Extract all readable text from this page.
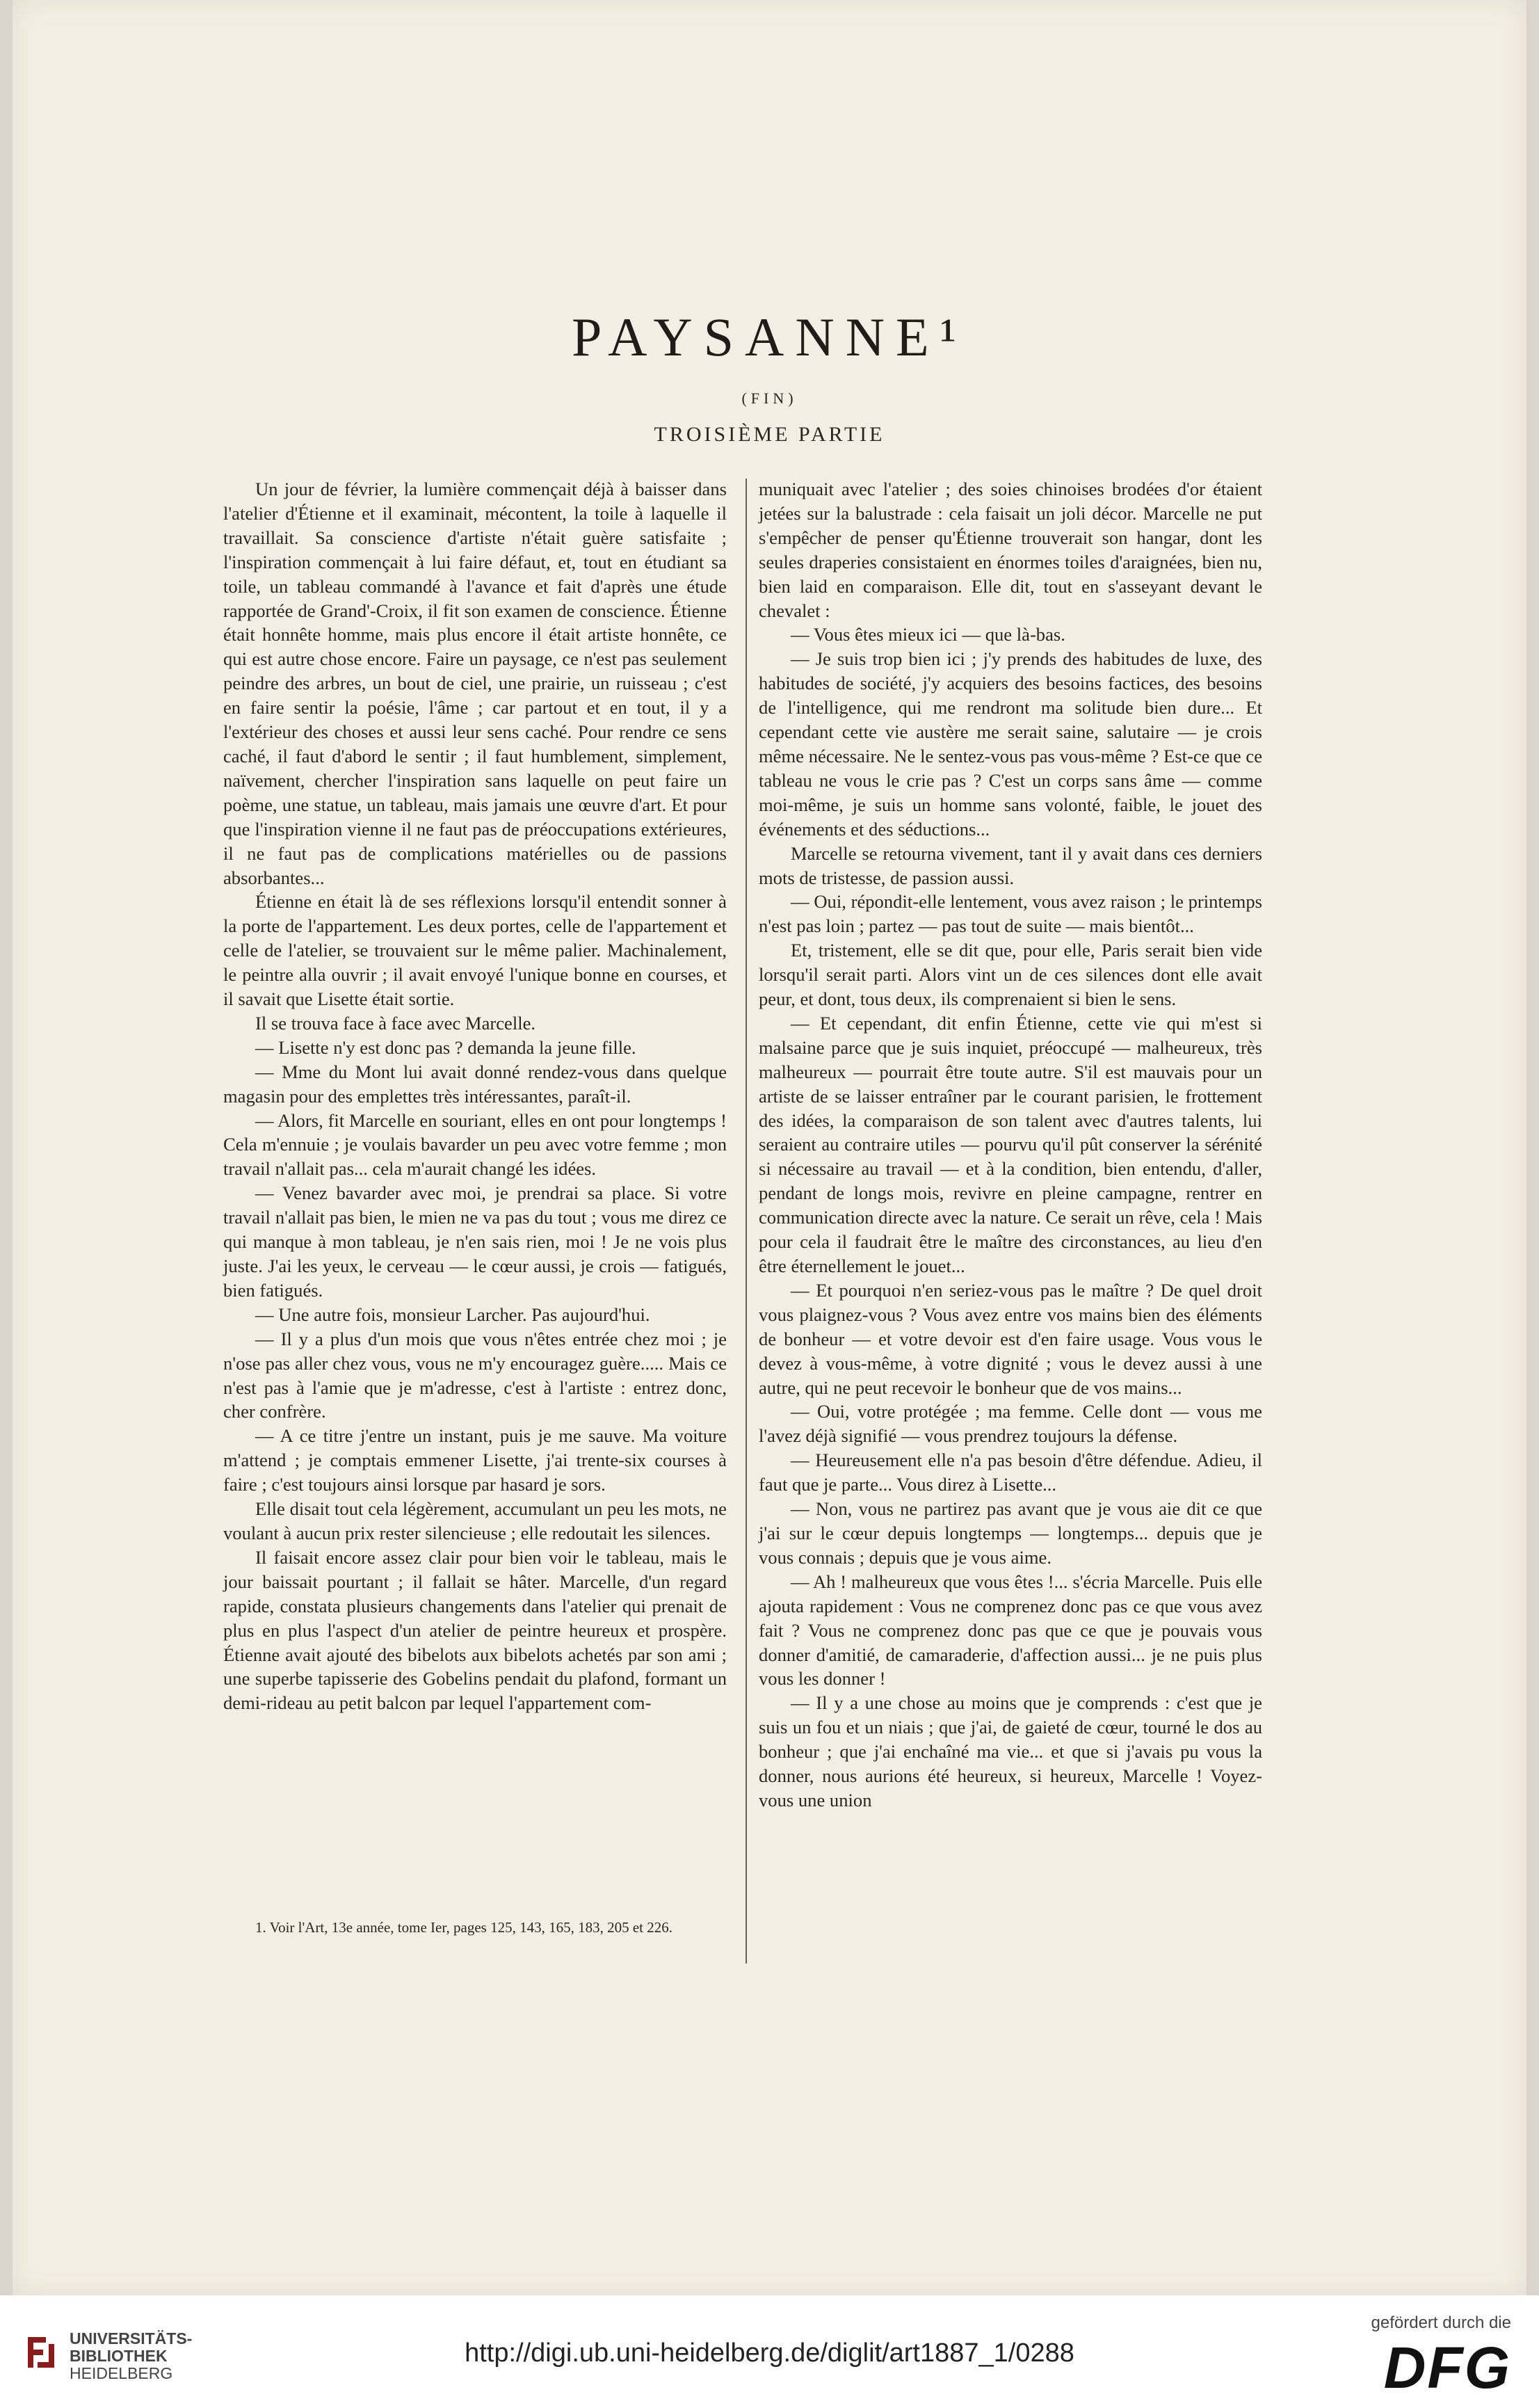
PAYSANNE¹
(FIN)
TROISIÈME PARTIE

Un jour de février, la lumière commençait déjà à baisser dans l'atelier d'Étienne et il examinait, mécontent, la toile à laquelle il travaillait. Sa conscience d'artiste n'était guère satisfaite ; l'inspiration commençait à lui faire défaut, et, tout en étudiant sa toile, un tableau commandé à l'avance et fait d'après une étude rapportée de Grand'-Croix, il fit son examen de conscience. Étienne était honnête homme, mais plus encore il était artiste honnête, ce qui est autre chose encore. Faire un paysage, ce n'est pas seulement peindre des arbres, un bout de ciel, une prairie, un ruisseau ; c'est en faire sentir la poésie, l'âme ; car partout et en tout, il y a l'extérieur des choses et aussi leur sens caché. Pour rendre ce sens caché, il faut d'abord le sentir ; il faut humblement, simplement, naïvement, chercher l'inspiration sans laquelle on peut faire un poème, une statue, un tableau, mais jamais une œuvre d'art. Et pour que l'inspiration vienne il ne faut pas de préoccupations extérieures, il ne faut pas de complications matérielles ou de passions absorbantes...

Étienne en était là de ses réflexions lorsqu'il entendit sonner à la porte de l'appartement. Les deux portes, celle de l'appartement et celle de l'atelier, se trouvaient sur le même palier. Machinalement, le peintre alla ouvrir ; il avait envoyé l'unique bonne en courses, et il savait que Lisette était sortie.

Il se trouva face à face avec Marcelle.

— Lisette n'y est donc pas ? demanda la jeune fille.

— Mme du Mont lui avait donné rendez-vous dans quelque magasin pour des emplettes très intéressantes, paraît-il.

— Alors, fit Marcelle en souriant, elles en ont pour longtemps ! Cela m'ennuie ; je voulais bavarder un peu avec votre femme ; mon travail n'allait pas... cela m'aurait changé les idées.

— Venez bavarder avec moi, je prendrai sa place. Si votre travail n'allait pas bien, le mien ne va pas du tout ; vous me direz ce qui manque à mon tableau, je n'en sais rien, moi ! Je ne vois plus juste. J'ai les yeux, le cerveau — le cœur aussi, je crois — fatigués, bien fatigués.

— Une autre fois, monsieur Larcher. Pas aujourd'hui.

— Il y a plus d'un mois que vous n'êtes entrée chez moi ; je n'ose pas aller chez vous, vous ne m'y encouragez guère..... Mais ce n'est pas à l'amie que je m'adresse, c'est à l'artiste : entrez donc, cher confrère.

— A ce titre j'entre un instant, puis je me sauve. Ma voiture m'attend ; je comptais emmener Lisette, j'ai trente-six courses à faire ; c'est toujours ainsi lorsque par hasard je sors.

Elle disait tout cela légèrement, accumulant un peu les mots, ne voulant à aucun prix rester silencieuse ; elle redoutait les silences.

Il faisait encore assez clair pour bien voir le tableau, mais le jour baissait pourtant ; il fallait se hâter. Marcelle, d'un regard rapide, constata plusieurs changements dans l'atelier qui prenait de plus en plus l'aspect d'un atelier de peintre heureux et prospère. Étienne avait ajouté des bibelots aux bibelots achetés par son ami ; une superbe tapisserie des Gobelins pendait du plafond, formant un demi-rideau au petit balcon par lequel l'appartement com-

1. Voir l'Art, 13e année, tome Ier, pages 125, 143, 165, 183, 205 et 226.

muniquait avec l'atelier ; des soies chinoises brodées d'or étaient jetées sur la balustrade : cela faisait un joli décor. Marcelle ne put s'empêcher de penser qu'Étienne trouverait son hangar, dont les seules draperies consistaient en énormes toiles d'araignées, bien nu, bien laid en comparaison. Elle dit, tout en s'asseyant devant le chevalet :

— Vous êtes mieux ici — que là-bas.

— Je suis trop bien ici ; j'y prends des habitudes de luxe, des habitudes de société, j'y acquiers des besoins factices, des besoins de l'intelligence, qui me rendront ma solitude bien dure... Et cependant cette vie austère me serait saine, salutaire — je crois même nécessaire. Ne le sentez-vous pas vous-même ? Est-ce que ce tableau ne vous le crie pas ? C'est un corps sans âme — comme moi-même, je suis un homme sans volonté, faible, le jouet des événements et des séductions...

Marcelle se retourna vivement, tant il y avait dans ces derniers mots de tristesse, de passion aussi.

— Oui, répondit-elle lentement, vous avez raison ; le printemps n'est pas loin ; partez — pas tout de suite — mais bientôt...

Et, tristement, elle se dit que, pour elle, Paris serait bien vide lorsqu'il serait parti. Alors vint un de ces silences dont elle avait peur, et dont, tous deux, ils comprenaient si bien le sens.

— Et cependant, dit enfin Étienne, cette vie qui m'est si malsaine parce que je suis inquiet, préoccupé — malheureux, très malheureux — pourrait être toute autre. S'il est mauvais pour un artiste de se laisser entraîner par le courant parisien, le frottement des idées, la comparaison de son talent avec d'autres talents, lui seraient au contraire utiles — pourvu qu'il pût conserver la sérénité si nécessaire au travail — et à la condition, bien entendu, d'aller, pendant de longs mois, revivre en pleine campagne, rentrer en communication directe avec la nature. Ce serait un rêve, cela ! Mais pour cela il faudrait être le maître des circonstances, au lieu d'en être éternellement le jouet...

— Et pourquoi n'en seriez-vous pas le maître ? De quel droit vous plaignez-vous ? Vous avez entre vos mains bien des éléments de bonheur — et votre devoir est d'en faire usage. Vous vous le devez à vous-même, à votre dignité ; vous le devez aussi à une autre, qui ne peut recevoir le bonheur que de vos mains...

— Oui, votre protégée ; ma femme. Celle dont — vous me l'avez déjà signifié — vous prendrez toujours la défense.

— Heureusement elle n'a pas besoin d'être défendue. Adieu, il faut que je parte... Vous direz à Lisette...

— Non, vous ne partirez pas avant que je vous aie dit ce que j'ai sur le cœur depuis longtemps — longtemps... depuis que je vous connais ; depuis que je vous aime.

— Ah ! malheureux que vous êtes !... s'écria Marcelle. Puis elle ajouta rapidement : Vous ne comprenez donc pas ce que vous avez fait ? Vous ne comprenez donc pas que ce que je pouvais vous donner d'amitié, de camaraderie, d'affection aussi... je ne puis plus vous les donner !

— Il y a une chose au moins que je comprends : c'est que je suis un fou et un niais ; que j'ai, de gaieté de cœur, tourné le dos au bonheur ; que j'ai enchaîné ma vie... et que si j'avais pu vous la donner, nous aurions été heureux, si heureux, Marcelle ! Voyez-vous une union

UNIVERSITÄTS-
BIBLIOTHEK
HEIDELBERG
http://digi.ub.uni-heidelberg.de/diglit/art1887_1/0288
gefördert durch die
DFG
